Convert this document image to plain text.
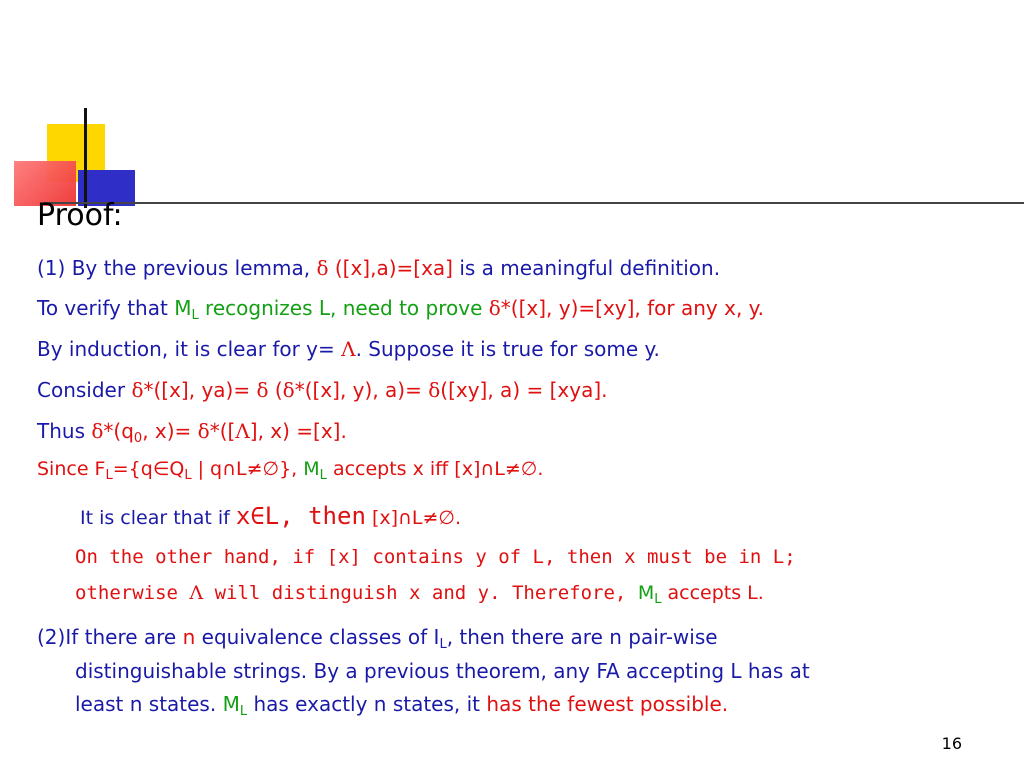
Proof:
(1) By the previous lemma, δ ([x],a)=[xa] is a meaningful definition.
To verify that $M_L$ recognizes L, need to prove δ*([x], y)=[xy], for any x, y.
By induction, it is clear for y= Λ. Suppose it is true for some y.
Consider δ*([x], ya)= δ (δ*([x], y), a)= δ([xy], a) = [xya].
Thus $\delta*(q_0$, x)= δ*([Λ], x) =[x].
Since $F_L=\{q\in Q_L$ | q∩L≠∅}, $M_L$ accepts x iff [x]∩L≠∅.
It is clear that if x∈L, then [x]∩L≠∅.
On the other hand, if [x] contains y of L, then x must be in L;
otherwise Λ will distinguish x and y. Therefore, $M_L$ accepts L.
(2)If there are n equivalence classes of $I_L$, then there are n pair-wise
distinguishable strings. By a previous theorem, any FA accepting L has at
least n states. $M_L$ has exactly n states, it has the fewest possible.
16
